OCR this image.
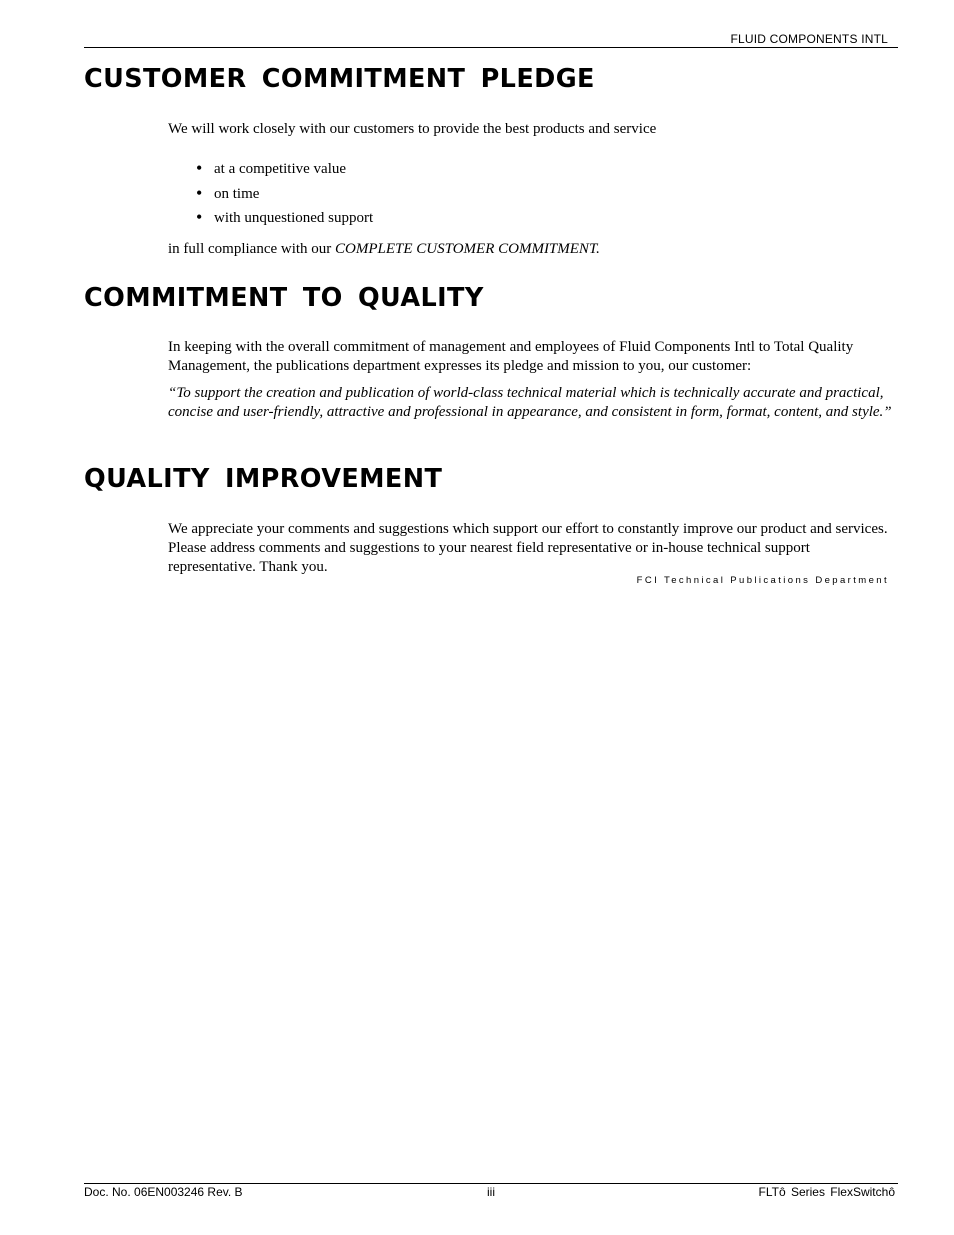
FLUID COMPONENTS INTL
CUSTOMER COMMITMENT PLEDGE

We will work closely with our customers to provide the best products and service

• at a competitive value
• on time
• with unquestioned support

in full compliance with our COMPLETE CUSTOMER COMMITMENT.

COMMITMENT TO QUALITY

In keeping with the overall commitment of management and employees of Fluid Components Intl to Total Quality Management, the publications department expresses its pledge and mission to you, our customer:

“To support the creation and publication of world-class technical material which is technically accurate and practical, concise and user-friendly, attractive and professional in appearance, and consistent in form, format, content, and style.”

QUALITY IMPROVEMENT

We appreciate your comments and suggestions which support our effort to constantly improve our product and services. Please address comments and suggestions to your nearest field representative or in-house technical support representative. Thank you.

FCI Technical Publications Department
Doc. No. 06EN003246 Rev. B	iii	FLTô Series FlexSwitchô
